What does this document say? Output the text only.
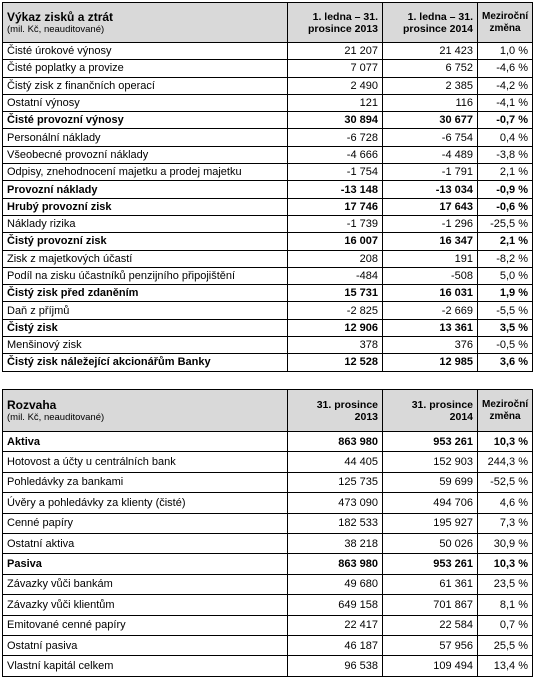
Výkaz zisků a ztrát
(mil. Kč, neauditované)	1. ledna – 31. prosince 2013	1. ledna – 31. prosince 2014	Meziroční změna
Čisté úrokové výnosy	21 207	21 423	1,0 %
Čisté poplatky a provize	7 077	6 752	-4,6 %
Čistý zisk z finančních operací	2 490	2 385	-4,2 %
Ostatní výnosy	121	116	-4,1 %
Čisté provozní výnosy	30 894	30 677	-0,7 %
Personální náklady	-6 728	-6 754	0,4 %
Všeobecné provozní náklady	-4 666	-4 489	-3,8 %
Odpisy, znehodnocení majetku a prodej majetku	-1 754	-1 791	2,1 %
Provozní náklady	-13 148	-13 034	-0,9 %
Hrubý provozní zisk	17 746	17 643	-0,6 %
Náklady rizika	-1 739	-1 296	-25,5 %
Čistý provozní zisk	16 007	16 347	2,1 %
Zisk z majetkových účastí	208	191	-8,2 %
Podíl na zisku účastníků penzijního připojištění	-484	-508	5,0 %
Čistý zisk před zdaněním	15 731	16 031	1,9 %
Daň z příjmů	-2 825	-2 669	-5,5 %
Čistý zisk	12 906	13 361	3,5 %
Menšinový zisk	378	376	-0,5 %
Čistý zisk náležející akcionářům Banky	12 528	12 985	3,6 %
Rozvaha
(mil. Kč, neauditované)	31. prosince 2013	31. prosince 2014	Meziroční změna
Aktiva	863 980	953 261	10,3 %
Hotovost a účty u centrálních bank	44 405	152 903	244,3 %
Pohledávky za bankami	125 735	59 699	-52,5 %
Úvěry a pohledávky za klienty (čisté)	473 090	494 706	4,6 %
Cenné papíry	182 533	195 927	7,3 %
Ostatní aktiva	38 218	50 026	30,9 %
Pasiva	863 980	953 261	10,3 %
Závazky vůči bankám	49 680	61 361	23,5 %
Závazky vůči klientům	649 158	701 867	8,1 %
Emitované cenné papíry	22 417	22 584	0,7 %
Ostatní pasiva	46 187	57 956	25,5 %
Vlastní kapitál celkem	96 538	109 494	13,4 %
